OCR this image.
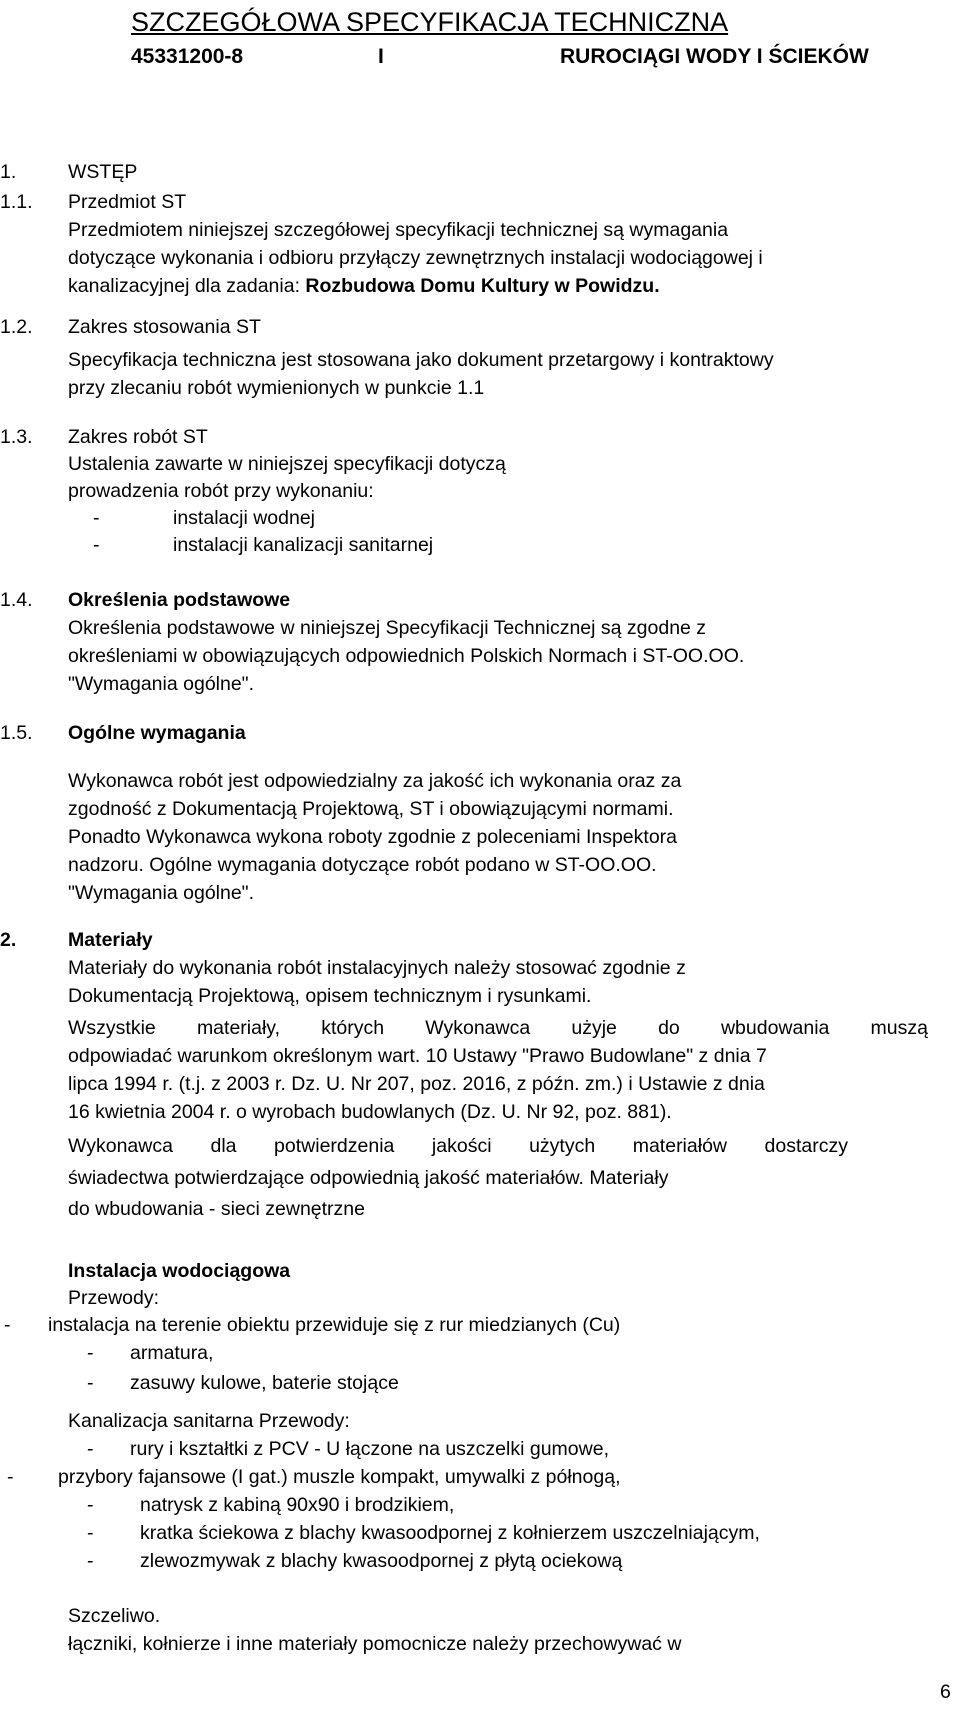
SZCZEGÓŁOWA SPECYFIKACJA TECHNICZNA
45331200-8	I	RUROCIĄGI WODY I ŚCIEKÓW
1.	WSTĘP
1.1. Przedmiot ST
Przedmiotem niniejszej szczegółowej specyfikacji technicznej są wymagania
dotyczące wykonania i odbioru przyłączy zewnętrznych instalacji wodociągowej i
kanalizacyjnej dla zadania: Rozbudowa Domu Kultury w Powidzu.
1.2. Zakres stosowania ST
Specyfikacja techniczna jest stosowana jako dokument przetargowy i kontraktowy
przy zlecaniu robót wymienionych w punkcie 1.1
1.3. Zakres robót ST
Ustalenia zawarte w niniejszej specyfikacji dotyczą
prowadzenia robót przy wykonaniu:
-	instalacji wodnej
-	instalacji kanalizacji sanitarnej
1.4. Określenia podstawowe
Określenia podstawowe w niniejszej Specyfikacji Technicznej są zgodne z
określeniami w obowiązujących odpowiednich Polskich Normach i ST-OO.OO.
"Wymagania ogólne".
1.5. Ogólne wymagania
Wykonawca robót jest odpowiedzialny za jakość ich wykonania oraz za
zgodność z Dokumentacją Projektową, ST i obowiązującymi normami.
Ponadto Wykonawca wykona roboty zgodnie z poleceniami Inspektora
nadzoru. Ogólne wymagania dotyczące robót podano w ST-OO.OO.
"Wymagania ogólne".
2.	Materiały
Materiały do wykonania robót instalacyjnych należy stosować zgodnie z
Dokumentacją Projektową, opisem technicznym i rysunkami.
Wszystkie materiały, których Wykonawca użyje do wbudowania muszą
odpowiadać warunkom określonym wart. 10 Ustawy "Prawo Budowlane" z dnia 7
lipca 1994 r. (t.j. z 2003 r. Dz. U. Nr 207, poz. 2016, z późn. zm.) i Ustawie z dnia
16 kwietnia 2004 r. o wyrobach budowlanych (Dz. U. Nr 92, poz. 881).
Wykonawca dla potwierdzenia jakości użytych materiałów dostarczy
świadectwa potwierdzające odpowiednią jakość materiałów. Materiały
do wbudowania - sieci zewnętrzne
Instalacja wodociągowa
Przewody:
- instalacja na terenie obiektu przewiduje się z rur miedzianych (Cu)
- armatura,
- zasuwy kulowe, baterie stojące
Kanalizacja sanitarna Przewody:
- rury i kształtki z PCV - U łączone na uszczelki gumowe,
- przybory fajansowe (I gat.) muszle kompakt, umywalki z półnogą,
- natrysk z kabiną 90x90 i brodzikiem,
- kratka ściekowa z blachy kwasoodpornej z kołnierzem uszczelniającym,
- zlewozmywak z blachy kwasoodpornej z płytą ociekową
Szczeliwo.
łączniki, kołnierze i inne materiały pomocnicze należy przechowywać w
6
